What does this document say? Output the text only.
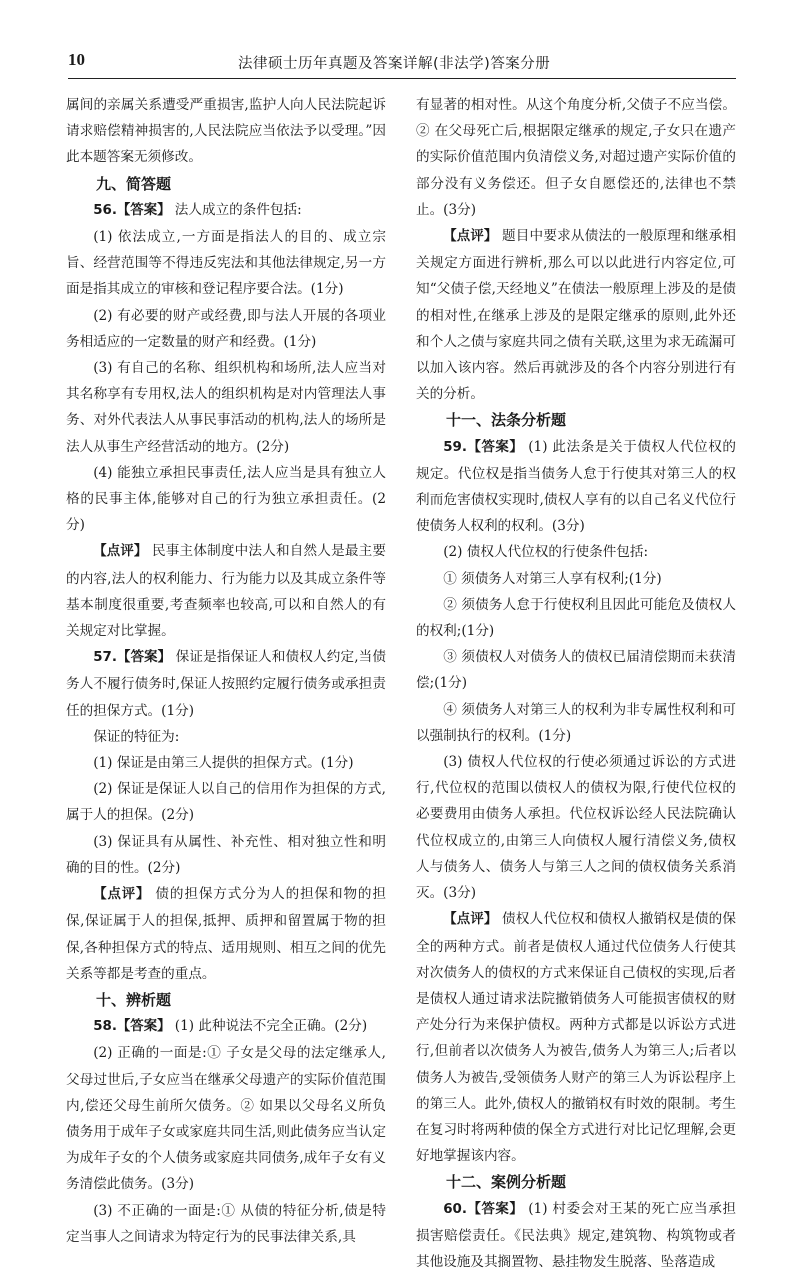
10	法律硕士历年真题及答案详解(非法学)答案分册

属间的亲属关系遭受严重损害,监护人向人民法院起诉请求赔偿精神损害的,人民法院应当依法予以受理。”因此本题答案无须修改。

九、简答题

56.【答案】 法人成立的条件包括:

(1) 依法成立,一方面是指法人的目的、成立宗旨、经营范围等不得违反宪法和其他法律规定,另一方面是指其成立的审核和登记程序要合法。(1分)

(2) 有必要的财产或经费,即与法人开展的各项业务相适应的一定数量的财产和经费。(1分)

(3) 有自己的名称、组织机构和场所,法人应当对其名称享有专用权,法人的组织机构是对内管理法人事务、对外代表法人从事民事活动的机构,法人的场所是法人从事生产经营活动的地方。(2分)

(4) 能独立承担民事责任,法人应当是具有独立人格的民事主体,能够对自己的行为独立承担责任。(2分)

【点评】 民事主体制度中法人和自然人是最主要的内容,法人的权利能力、行为能力以及其成立条件等基本制度很重要,考查频率也较高,可以和自然人的有关规定对比掌握。

57.【答案】 保证是指保证人和债权人约定,当债务人不履行债务时,保证人按照约定履行债务或承担责任的担保方式。(1分)

保证的特征为:

(1) 保证是由第三人提供的担保方式。(1分)

(2) 保证是保证人以自己的信用作为担保的方式,属于人的担保。(2分)

(3) 保证具有从属性、补充性、相对独立性和明确的目的性。(2分)

【点评】 债的担保方式分为人的担保和物的担保,保证属于人的担保,抵押、质押和留置属于物的担保,各种担保方式的特点、适用规则、相互之间的优先关系等都是考查的重点。

十、辨析题

58.【答案】 (1) 此种说法不完全正确。(2分)

(2) 正确的一面是:① 子女是父母的法定继承人,父母过世后,子女应当在继承父母遗产的实际价值范围内,偿还父母生前所欠债务。② 如果以父母名义所负债务用于成年子女或家庭共同生活,则此债务应当认定为成年子女的个人债务或家庭共同债务,成年子女有义务清偿此债务。(3分)

(3) 不正确的一面是:① 从债的特征分析,债是特定当事人之间请求为特定行为的民事法律关系,具

有显著的相对性。从这个角度分析,父债子不应当偿。② 在父母死亡后,根据限定继承的规定,子女只在遗产的实际价值范围内负清偿义务,对超过遗产实际价值的部分没有义务偿还。但子女自愿偿还的,法律也不禁止。(3分)

【点评】 题目中要求从债法的一般原理和继承相关规定方面进行辨析,那么可以以此进行内容定位,可知“父债子偿,天经地义”在债法一般原理上涉及的是债的相对性,在继承上涉及的是限定继承的原则,此外还和个人之债与家庭共同之债有关联,这里为求无疏漏可以加入该内容。然后再就涉及的各个内容分别进行有关的分析。

十一、法条分析题

59.【答案】 (1) 此法条是关于债权人代位权的规定。代位权是指当债务人怠于行使其对第三人的权利而危害债权实现时,债权人享有的以自己名义代位行使债务人权利的权利。(3分)

(2) 债权人代位权的行使条件包括:

① 须债务人对第三人享有权利;(1分)

② 须债务人怠于行使权利且因此可能危及债权人的权利;(1分)

③ 须债权人对债务人的债权已届清偿期而未获清偿;(1分)

④ 须债务人对第三人的权利为非专属性权利和可以强制执行的权利。(1分)

(3) 债权人代位权的行使必须通过诉讼的方式进行,代位权的范围以债权人的债权为限,行使代位权的必要费用由债务人承担。代位权诉讼经人民法院确认代位权成立的,由第三人向债权人履行清偿义务,债权人与债务人、债务人与第三人之间的债权债务关系消灭。(3分)

【点评】 债权人代位权和债权人撤销权是债的保全的两种方式。前者是债权人通过代位债务人行使其对次债务人的债权的方式来保证自己债权的实现,后者是债权人通过请求法院撤销债务人可能损害债权的财产处分行为来保护债权。两种方式都是以诉讼方式进行,但前者以次债务人为被告,债务人为第三人;后者以债务人为被告,受领债务人财产的第三人为诉讼程序上的第三人。此外,债权人的撤销权有时效的限制。考生在复习时将两种债的保全方式进行对比记忆理解,会更好地掌握该内容。

十二、案例分析题

60.【答案】 (1) 村委会对王某的死亡应当承担损害赔偿责任。《民法典》规定,建筑物、构筑物或者其他设施及其搁置物、悬挂物发生脱落、坠落造成
